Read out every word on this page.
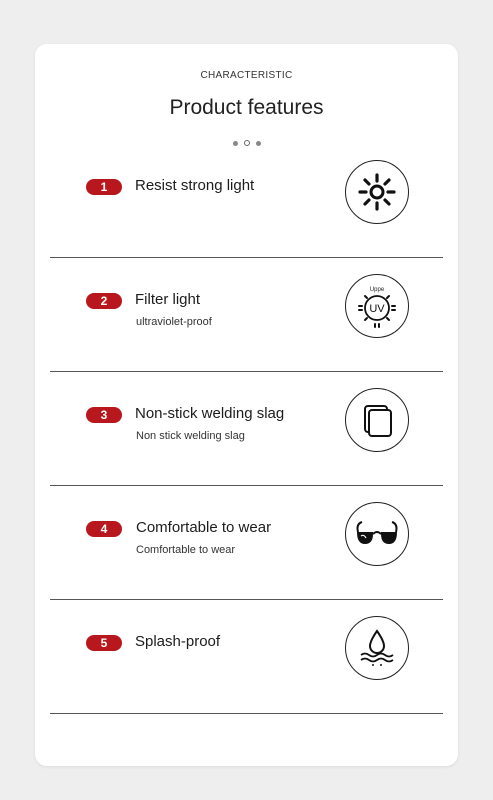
CHARACTERISTIC
Product features
1	Resist strong light
2	Filter light
ultraviolet-proof
Uppe
UV
3	Non-stick welding slag
Non stick welding slag
4	Comfortable to wear
Comfortable to wear
5	Splash-proof
